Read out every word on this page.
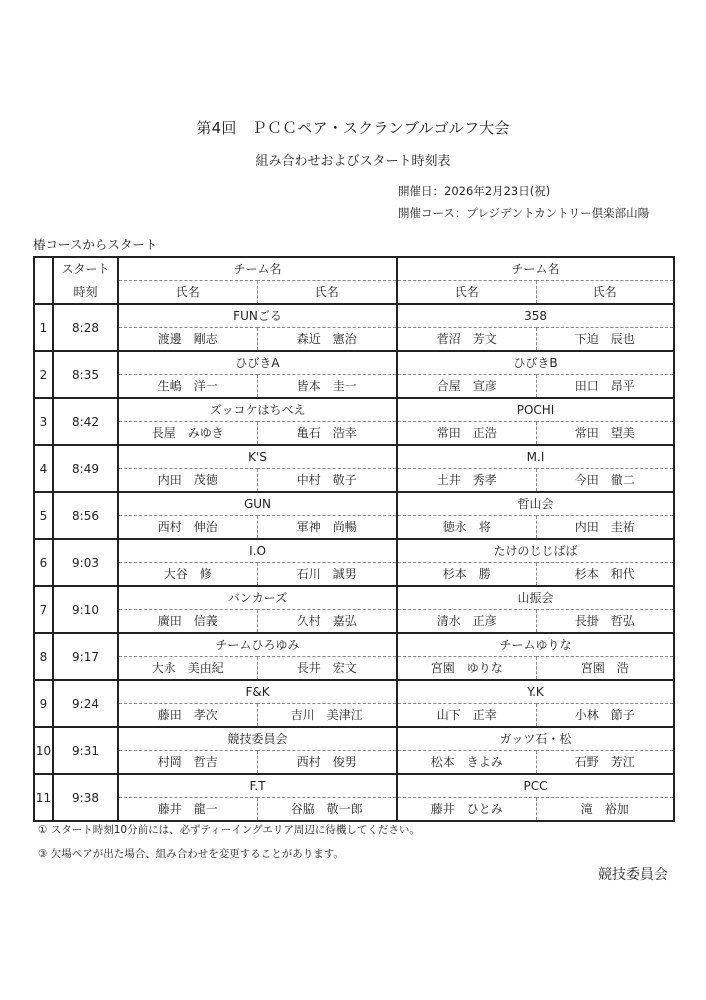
第4回　ＰＣＣペア・スクランブルゴルフ大会
組み合わせおよびスタート時刻表
開催日：2026年2月23日(祝)
開催コース：プレジデントカントリー倶楽部山陽
椿コースからスタート
	スタート	チーム名		チーム名	
	時刻	氏名	氏名	氏名	氏名
1	8:28	FUNごる		358	
		渡邊　剛志	森近　憲治	菅沼　芳文	下迫　辰也
2	8:35	ひびきA		ひびきB	
		生嶋　洋一	皆本　圭一	合屋　宣彦	田口　昂平
3	8:42	ズッコケはちべえ		POCHI	
		長屋　みゆき	亀石　浩幸	常田　正浩	常田　望美
4	8:49	K'S		M.I	
		内田　茂徳	中村　敬子	土井　秀孝	今田　徹二
5	8:56	GUN		哲山会	
		西村　伸治	軍神　尚暢	徳永　将	内田　圭祐
6	9:03	I.O		たけのじじばば	
		大谷　修	石川　誠男	杉本　勝	杉本　和代
7	9:10	バンカーズ		山振会	
		廣田　信義	久村　嘉弘	清水　正彦	長掛　哲弘
8	9:17	チームひろゆみ		チームゆりな	
		大永　美由紀	長井　宏文	宮園　ゆりな	宮園　浩
9	9:24	F&K		Y.K	
		藤田　孝次	吉川　美津江	山下　正幸	小林　節子
10	9:31	競技委員会		ガッツ石・松	
		村岡　哲吉	西村　俊男	松本　きよみ	石野　芳江
11	9:38	F.T		PCC	
		藤井　龍一	谷脇　敬一郎	藤井　ひとみ	滝　裕加
① スタート時刻10分前には、必ずティーイングエリア周辺に待機してください。
③ 欠場ペアが出た場合、組み合わせを変更することがあります。
競技委員会
